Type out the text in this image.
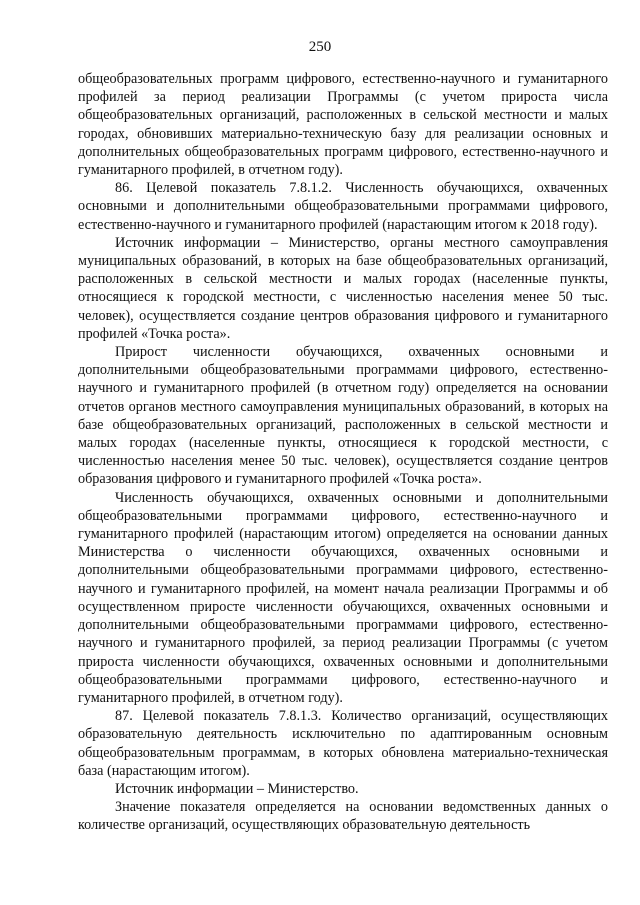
250

общеобразовательных программ цифрового, естественно-научного и гуманитарного профилей за период реализации Программы (с учетом прироста числа общеобразовательных организаций, расположенных в сельской местности и малых городах, обновивших материально-техническую базу для реализации основных и дополнительных общеобразовательных программ цифрового, естественно-научного и гуманитарного профилей, в отчетном году).

86. Целевой показатель 7.8.1.2. Численность обучающихся, охваченных основными и дополнительными общеобразовательными программами цифрового, естественно-научного и гуманитарного профилей (нарастающим итогом к 2018 году).

Источник информации – Министерство, органы местного самоуправления муниципальных образований, в которых на базе общеобразовательных организаций, расположенных в сельской местности и малых городах (населенные пункты, относящиеся к городской местности, с численностью населения менее 50 тыс. человек), осуществляется создание центров образования цифрового и гуманитарного профилей «Точка роста».

Прирост численности обучающихся, охваченных основными и дополнительными общеобразовательными программами цифрового, естественно-научного и гуманитарного профилей (в отчетном году) определяется на основании отчетов органов местного самоуправления муниципальных образований, в которых на базе общеобразовательных организаций, расположенных в сельской местности и малых городах (населенные пункты, относящиеся к городской местности, с численностью населения менее 50 тыс. человек), осуществляется создание центров образования цифрового и гуманитарного профилей «Точка роста».

Численность обучающихся, охваченных основными и дополнительными общеобразовательными программами цифрового, естественно-научного и гуманитарного профилей (нарастающим итогом) определяется на основании данных Министерства о численности обучающихся, охваченных основными и дополнительными общеобразовательными программами цифрового, естественно-научного и гуманитарного профилей, на момент начала реализации Программы и об осуществленном приросте численности обучающихся, охваченных основными и дополнительными общеобразовательными программами цифрового, естественно-научного и гуманитарного профилей, за период реализации Программы (с учетом прироста численности обучающихся, охваченных основными и дополнительными общеобразовательными программами цифрового, естественно-научного и гуманитарного профилей, в отчетном году).

87. Целевой показатель 7.8.1.3. Количество организаций, осуществляющих образовательную деятельность исключительно по адаптированным основным общеобразовательным программам, в которых обновлена материально-техническая база (нарастающим итогом).

Источник информации – Министерство.

Значение показателя определяется на основании ведомственных данных о количестве организаций, осуществляющих образовательную деятельность
